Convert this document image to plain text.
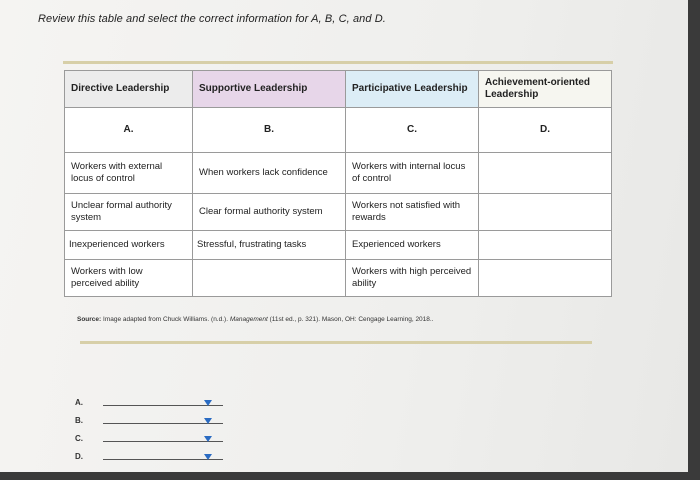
Review this table and select the correct information for A, B, C, and D.
Directive Leadership	Supportive Leadership	Participative Leadership	Achievement-oriented Leadership
A.	B.	C.	D.
Workers with external locus of control	When workers lack confidence	Workers with internal locus of control	
Unclear formal authority system	Clear formal authority system	Workers not satisfied with rewards	
Inexperienced workers	Stressful, frustrating tasks	Experienced workers	
Workers with low perceived ability		Workers with high perceived ability	
Source: Image adapted from Chuck Williams. (n.d.). Management (11st ed., p. 321). Mason, OH: Cengage Learning, 2018..
A.
B.
C.
D.
